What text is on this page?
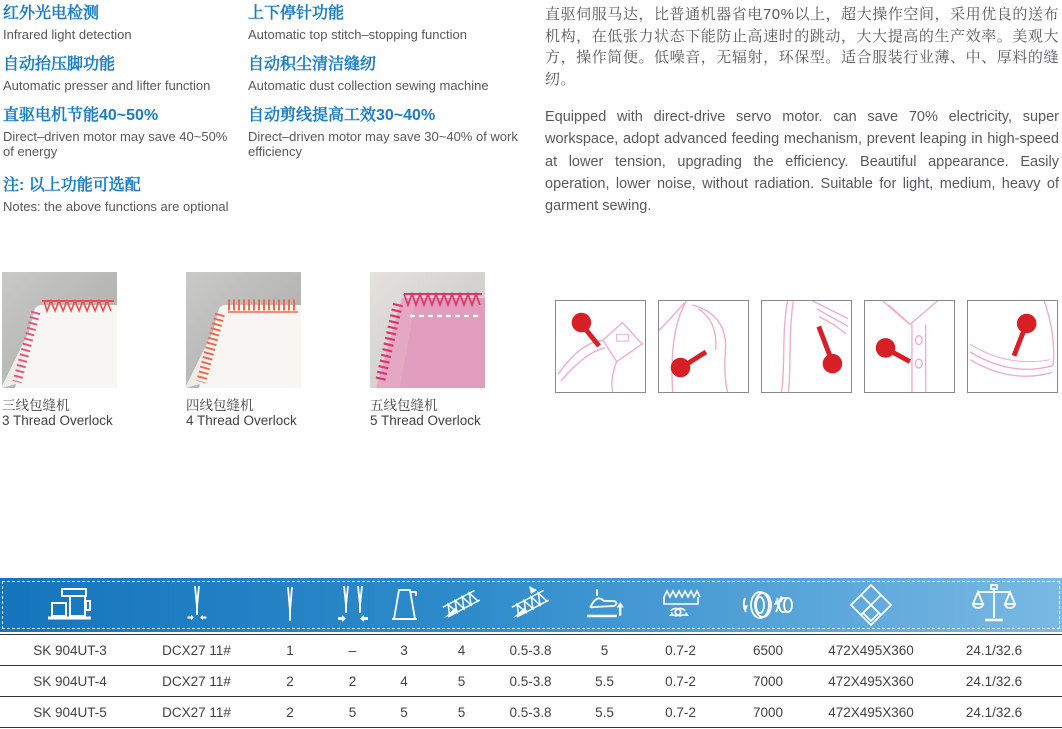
红外光电检测

Infrared light detection

自动抬压脚功能

Automatic presser and lifter function

直驱电机节能40~50%

Direct–driven motor may save 40~50% of energy

注: 以上功能可选配

Notes: the above functions are optional

上下停针功能

Automatic top stitch–stopping function

自动积尘清洁缝纫

Automatic dust collection sewing machine

自动剪线提高工效30~40%

Direct–driven motor may save 30~40% of work efficiency

直驱伺服马达，比普通机器省电70%以上，超大操作空间，采用优良的送布机构，在低张力状态下能防止高速时的跳动，大大提高的生产效率。美观大方，操作简便。低噪音，无辐射，环保型。适合服装行业薄、中、厚料的缝纫。

Equipped with direct-drive servo motor. can save 70% electricity, super workspace, adopt advanced feeding mechanism, prevent leaping in high-speed at lower tension, upgrading the efficiency. Beautiful appearance. Easily operation, lower noise, without radiation. Suitable for light, medium, heavy of garment sewing.

三线包缝机

3 Thread Overlock

四线包缝机

4 Thread Overlock

五线包缝机

5 Thread Overlock

SK 904UT-3	DCX27 11#	1	–	3	4	0.5-3.8	5	0.7-2	6500	472X495X360	24.1/32.6
SK 904UT-4	DCX27 11#	2	2	4	5	0.5-3.8	5.5	0.7-2	7000	472X495X360	24.1/32.6
SK 904UT-5	DCX27 11#	2	5	5	5	0.5-3.8	5.5	0.7-2	7000	472X495X360	24.1/32.6
